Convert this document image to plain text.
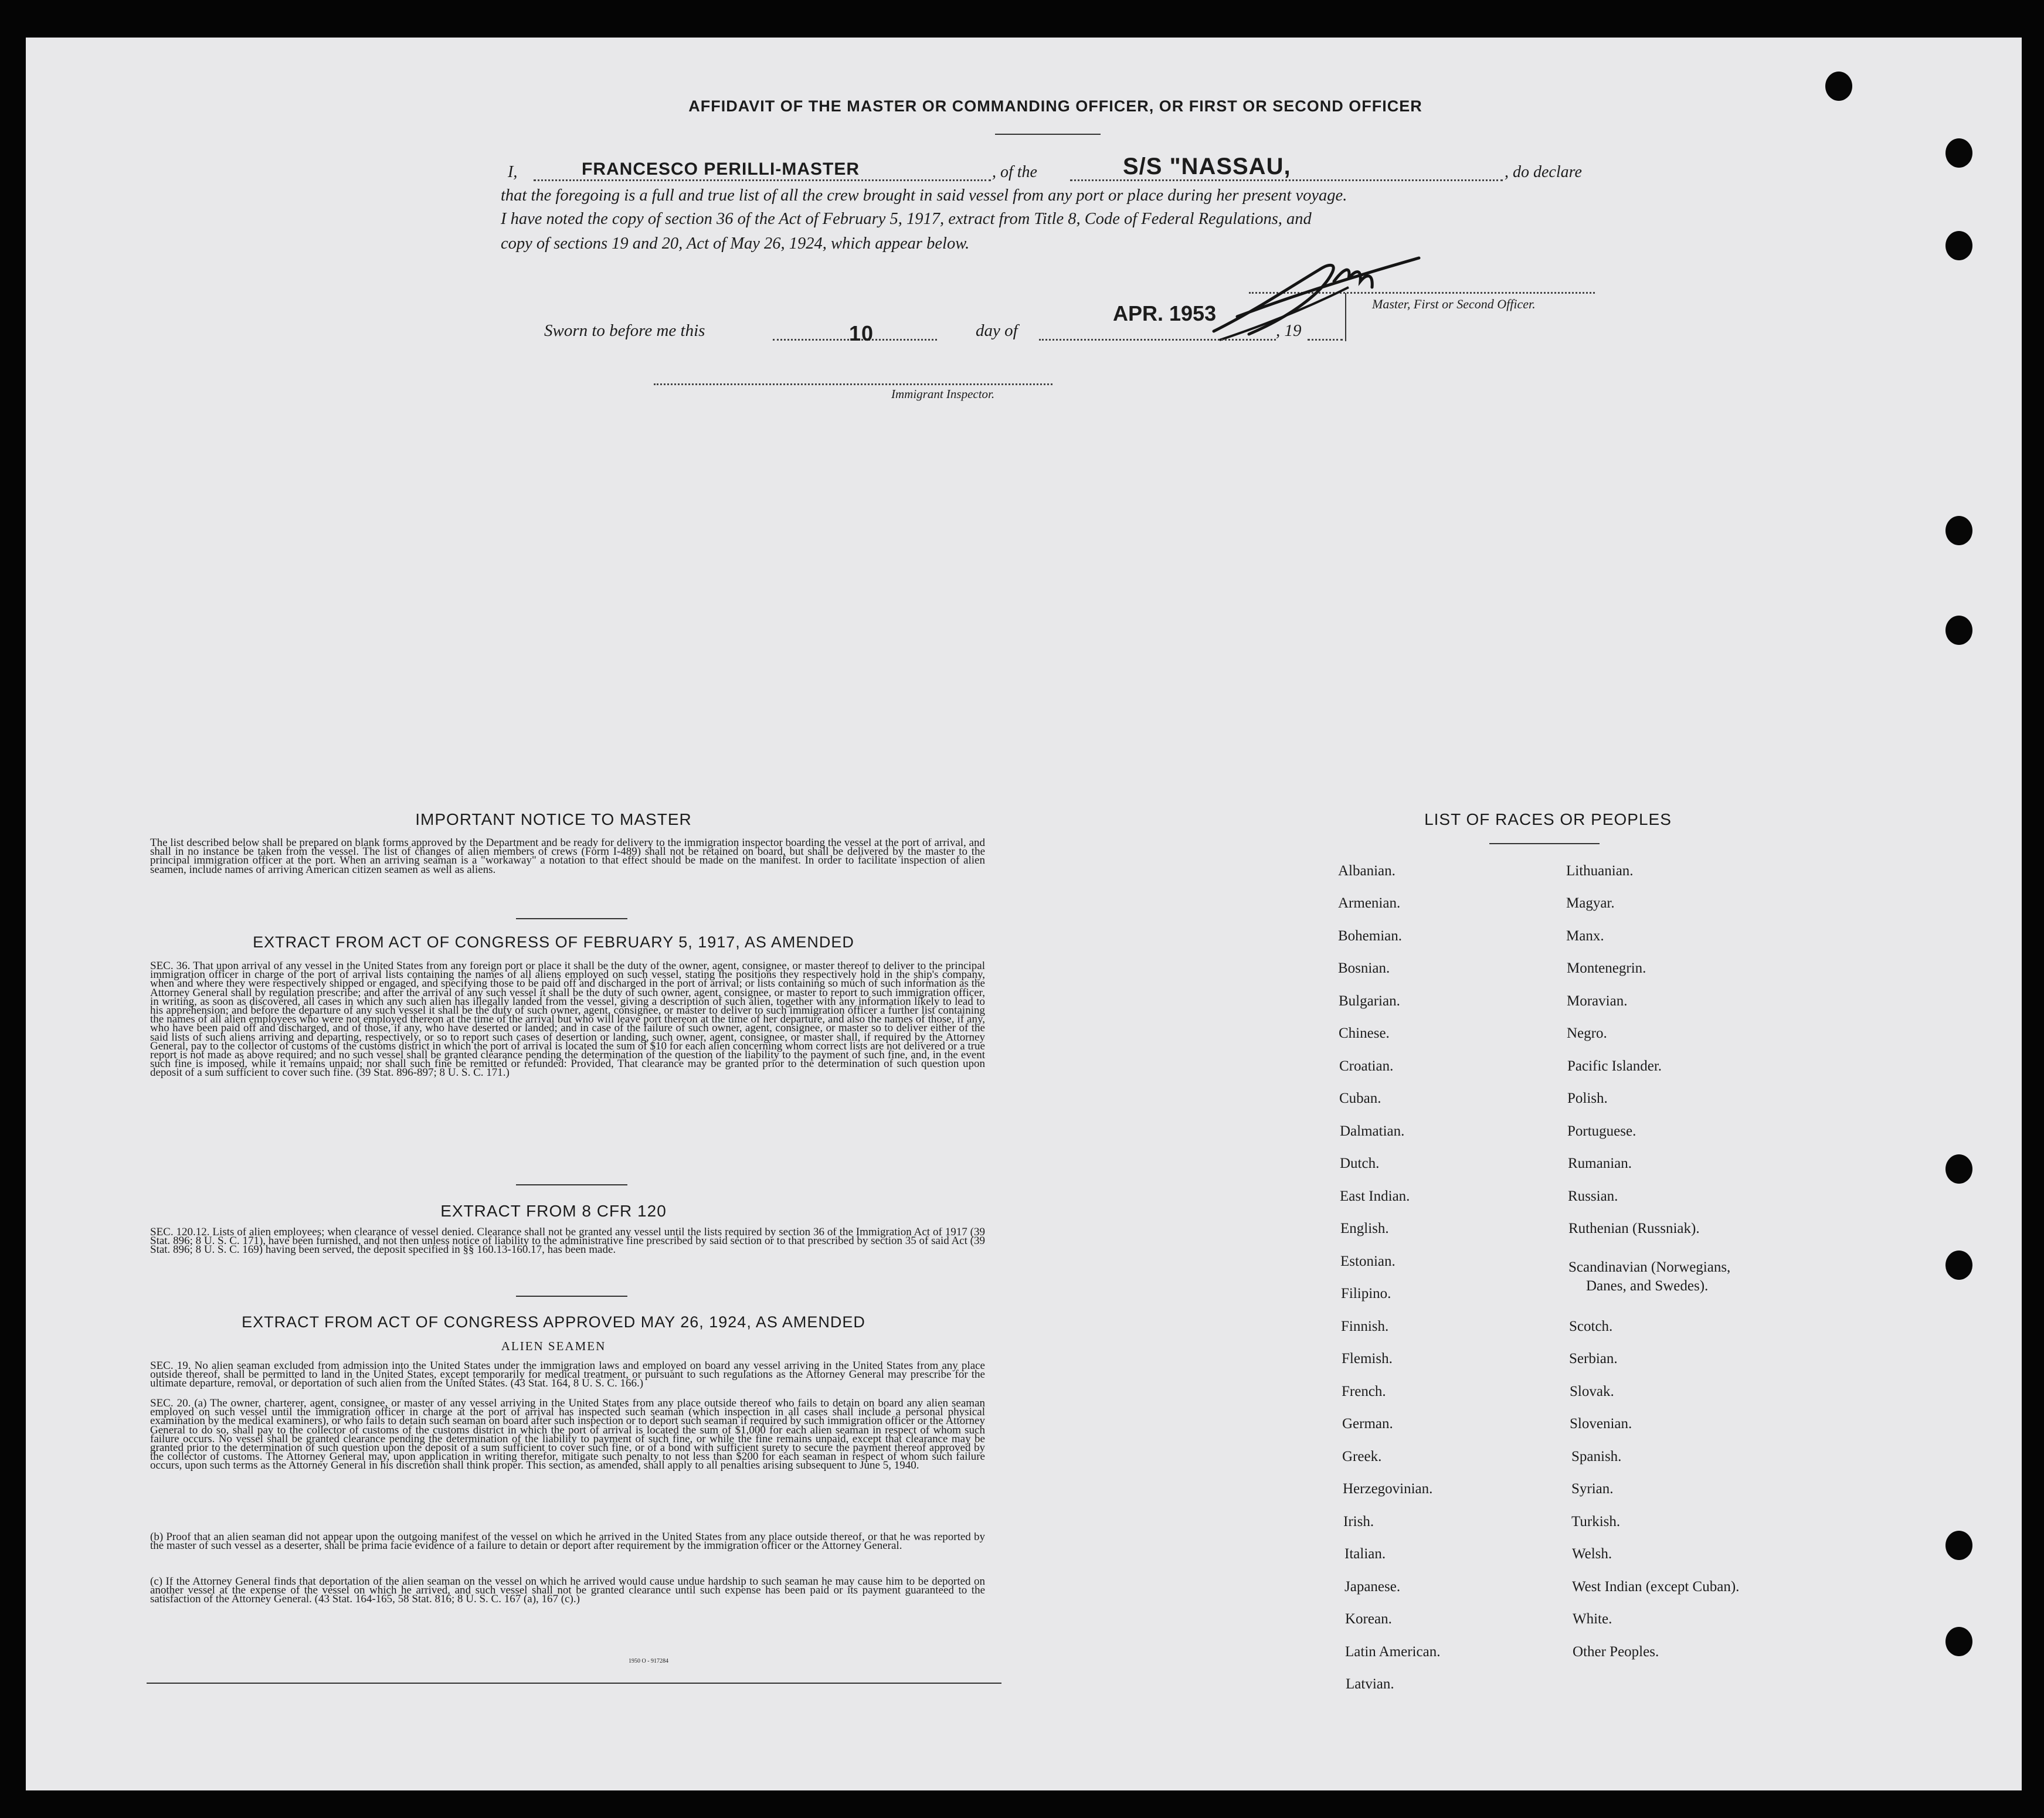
AFFIDAVIT OF THE MASTER OR COMMANDING OFFICER, OR FIRST OR SECOND OFFICER
I,	FRANCESCO PERILLI-MASTER	, of the	S/S "NASSAU,	, do declare
that the foregoing is a full and true list of all the crew brought in said vessel from any port or place during her present voyage.
I have noted the copy of section 36 of the Act of February 5, 1917, extract from Title 8, Code of Federal Regulations, and
copy of sections 19 and 20, Act of May 26, 1924, which appear below.
Master, First or Second Officer.
Sworn to before me this	10	day of
APR. 1953
, 19
Immigrant Inspector.
IMPORTANT NOTICE TO MASTER
The list described below shall be prepared on blank forms approved by the Department and be ready for delivery to the immigration inspector boarding the vessel at the port of arrival, and shall in no instance be taken from the vessel. The list of changes of alien members of crews (Form I-489) shall not be retained on board, but shall be delivered by the master to the principal immigration officer at the port. When an arriving seaman is a "workaway" a notation to that effect should be made on the manifest. In order to facilitate inspection of alien seamen, include names of arriving American citizen seamen as well as aliens.
EXTRACT FROM ACT OF CONGRESS OF FEBRUARY 5, 1917, AS AMENDED
SEC. 36. That upon arrival of any vessel in the United States from any foreign port or place it shall be the duty of the owner, agent, consignee, or master thereof to deliver to the principal immigration officer in charge of the port of arrival lists containing the names of all aliens employed on such vessel, stating the positions they respectively hold in the ship's company, when and where they were respectively shipped or engaged, and specifying those to be paid off and discharged in the port of arrival; or lists containing so much of such information as the Attorney General shall by regulation prescribe; and after the arrival of any such vessel it shall be the duty of such owner, agent, consignee, or master to report to such immigration officer, in writing, as soon as discovered, all cases in which any such alien has illegally landed from the vessel, giving a description of such alien, together with any information likely to lead to his apprehension; and before the departure of any such vessel it shall be the duty of such owner, agent, consignee, or master to deliver to such immigration officer a further list containing the names of all alien employees who were not employed thereon at the time of the arrival but who will leave port thereon at the time of her departure, and also the names of those, if any, who have been paid off and discharged, and of those, if any, who have deserted or landed; and in case of the failure of such owner, agent, consignee, or master so to deliver either of the said lists of such aliens arriving and departing, respectively, or so to report such cases of desertion or landing, such owner, agent, consignee, or master shall, if required by the Attorney General, pay to the collector of customs of the customs district in which the port of arrival is located the sum of $10 for each alien concerning whom correct lists are not delivered or a true report is not made as above required; and no such vessel shall be granted clearance pending the determination of the question of the liability to the payment of such fine, and, in the event such fine is imposed, while it remains unpaid; nor shall such fine be remitted or refunded: Provided, That clearance may be granted prior to the determination of such question upon deposit of a sum sufficient to cover such fine. (39 Stat. 896-897; 8 U. S. C. 171.)
EXTRACT FROM 8 CFR 120
SEC. 120.12. Lists of alien employees; when clearance of vessel denied. Clearance shall not be granted any vessel until the lists required by section 36 of the Immigration Act of 1917 (39 Stat. 896; 8 U. S. C. 171), have been furnished, and not then unless notice of liability to the administrative fine prescribed by said section or to that prescribed by section 35 of said Act (39 Stat. 896; 8 U. S. C. 169) having been served, the deposit specified in §§ 160.13-160.17, has been made.
EXTRACT FROM ACT OF CONGRESS APPROVED MAY 26, 1924, AS AMENDED
ALIEN SEAMEN
SEC. 19. No alien seaman excluded from admission into the United States under the immigration laws and employed on board any vessel arriving in the United States from any place outside thereof, shall be permitted to land in the United States, except temporarily for medical treatment, or pursuant to such regulations as the Attorney General may prescribe for the ultimate departure, removal, or deportation of such alien from the United States. (43 Stat. 164, 8 U. S. C. 166.)
SEC. 20. (a) The owner, charterer, agent, consignee, or master of any vessel arriving in the United States from any place outside thereof who fails to detain on board any alien seaman employed on such vessel until the immigration officer in charge at the port of arrival has inspected such seaman (which inspection in all cases shall include a personal physical examination by the medical examiners), or who fails to detain such seaman on board after such inspection or to deport such seaman if required by such immigration officer or the Attorney General to do so, shall pay to the collector of customs of the customs district in which the port of arrival is located the sum of $1,000 for each alien seaman in respect of whom such failure occurs. No vessel shall be granted clearance pending the determination of the liability to payment of such fine, or while the fine remains unpaid, except that clearance may be granted prior to the determination of such question upon the deposit of a sum sufficient to cover such fine, or of a bond with sufficient surety to secure the payment thereof approved by the collector of customs. The Attorney General may, upon application in writing therefor, mitigate such penalty to not less than $200 for each seaman in respect of whom such failure occurs, upon such terms as the Attorney General in his discretion shall think proper. This section, as amended, shall apply to all penalties arising subsequent to June 5, 1940.
(b) Proof that an alien seaman did not appear upon the outgoing manifest of the vessel on which he arrived in the United States from any place outside thereof, or that he was reported by the master of such vessel as a deserter, shall be prima facie evidence of a failure to detain or deport after requirement by the immigration officer or the Attorney General.
(c) If the Attorney General finds that deportation of the alien seaman on the vessel on which he arrived would cause undue hardship to such seaman he may cause him to be deported on another vessel at the expense of the vessel on which he arrived, and such vessel shall not be granted clearance until such expense has been paid or its payment guaranteed to the satisfaction of the Attorney General. (43 Stat. 164-165, 58 Stat. 816; 8 U. S. C. 167 (a), 167 (c).)
1950 O - 917284
LIST OF RACES OR PEOPLES
Albanian.
Armenian.
Bohemian.
Bosnian.
Bulgarian.
Chinese.
Croatian.
Cuban.
Dalmatian.
Dutch.
East Indian.
English.
Estonian.
Filipino.
Finnish.
Flemish.
French.
German.
Greek.
Herzegovinian.
Irish.
Italian.
Japanese.
Korean.
Latin American.
Latvian.
Lithuanian.
Magyar.
Manx.
Montenegrin.
Moravian.
Negro.
Pacific Islander.
Polish.
Portuguese.
Rumanian.
Russian.
Ruthenian (Russniak).
Scandinavian (Norwegians,
Danes, and Swedes).
Scotch.
Serbian.
Slovak.
Slovenian.
Spanish.
Syrian.
Turkish.
Welsh.
West Indian (except Cuban).
White.
Other Peoples.
